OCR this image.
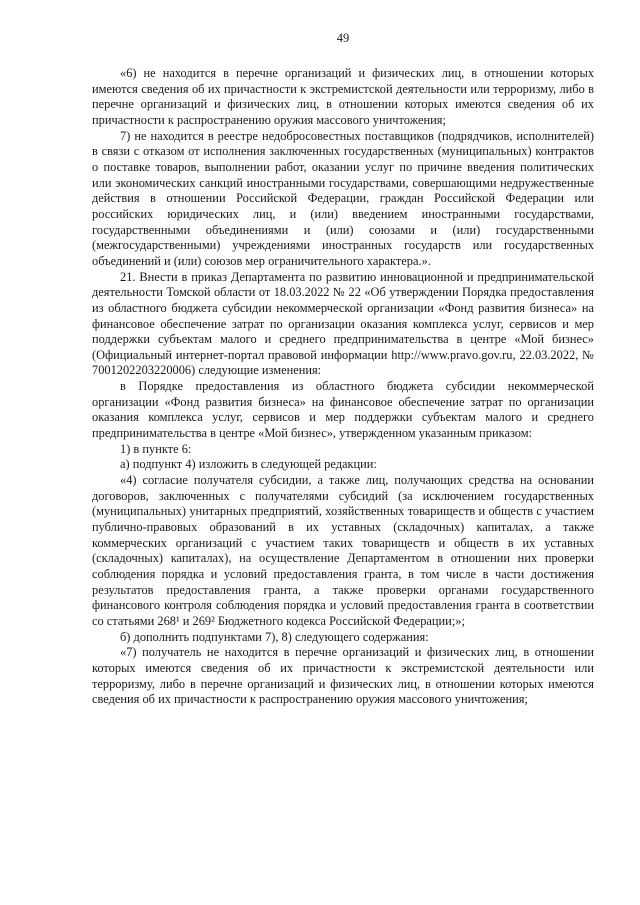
49

«6) не находится в перечне организаций и физических лиц, в отношении которых имеются сведения об их причастности к экстремистской деятельности или терроризму, либо в перечне организаций и физических лиц, в отношении которых имеются сведения об их причастности к распространению оружия массового уничтожения;

7) не находится в реестре недобросовестных поставщиков (подрядчиков, исполнителей) в связи с отказом от исполнения заключенных государственных (муниципальных) контрактов о поставке товаров, выполнении работ, оказании услуг по причине введения политических или экономических санкций иностранными государствами, совершающими недружественные действия в отношении Российской Федерации, граждан Российской Федерации или российских юридических лиц, и (или) введением иностранными государствами, государственными объединениями и (или) союзами и (или) государственными (межгосударственными) учреждениями иностранных государств или государственных объединений и (или) союзов мер ограничительного характера.».

21. Внести в приказ Департамента по развитию инновационной и предпринимательской деятельности Томской области от 18.03.2022 № 22 «Об утверждении Порядка предоставления из областного бюджета субсидии некоммерческой организации «Фонд развития бизнеса» на финансовое обеспечение затрат по организации оказания комплекса услуг, сервисов и мер поддержки субъектам малого и среднего предпринимательства в центре «Мой бизнес» (Официальный интернет-портал правовой информации http://www.pravo.gov.ru, 22.03.2022, № 7001202203220006) следующие изменения:

в Порядке предоставления из областного бюджета субсидии некоммерческой организации «Фонд развития бизнеса» на финансовое обеспечение затрат по организации оказания комплекса услуг, сервисов и мер поддержки субъектам малого и среднего предпринимательства в центре «Мой бизнес», утвержденном указанным приказом:

1) в пункте 6:

а) подпункт 4) изложить в следующей редакции:

«4) согласие получателя субсидии, а также лиц, получающих средства на основании договоров, заключенных с получателями субсидий (за исключением государственных (муниципальных) унитарных предприятий, хозяйственных товариществ и обществ с участием публично-правовых образований в их уставных (складочных) капиталах, а также коммерческих организаций с участием таких товариществ и обществ в их уставных (складочных) капиталах), на осуществление Департаментом в отношении них проверки соблюдения порядка и условий предоставления гранта, в том числе в части достижения результатов предоставления гранта, а также проверки органами государственного финансового контроля соблюдения порядка и условий предоставления гранта в соответствии со статьями 268¹ и 269² Бюджетного кодекса Российской Федерации;»;

б) дополнить подпунктами 7), 8) следующего содержания:

«7) получатель не находится в перечне организаций и физических лиц, в отношении которых имеются сведения об их причастности к экстремистской деятельности или терроризму, либо в перечне организаций и физических лиц, в отношении которых имеются сведения об их причастности к распространению оружия массового уничтожения;
